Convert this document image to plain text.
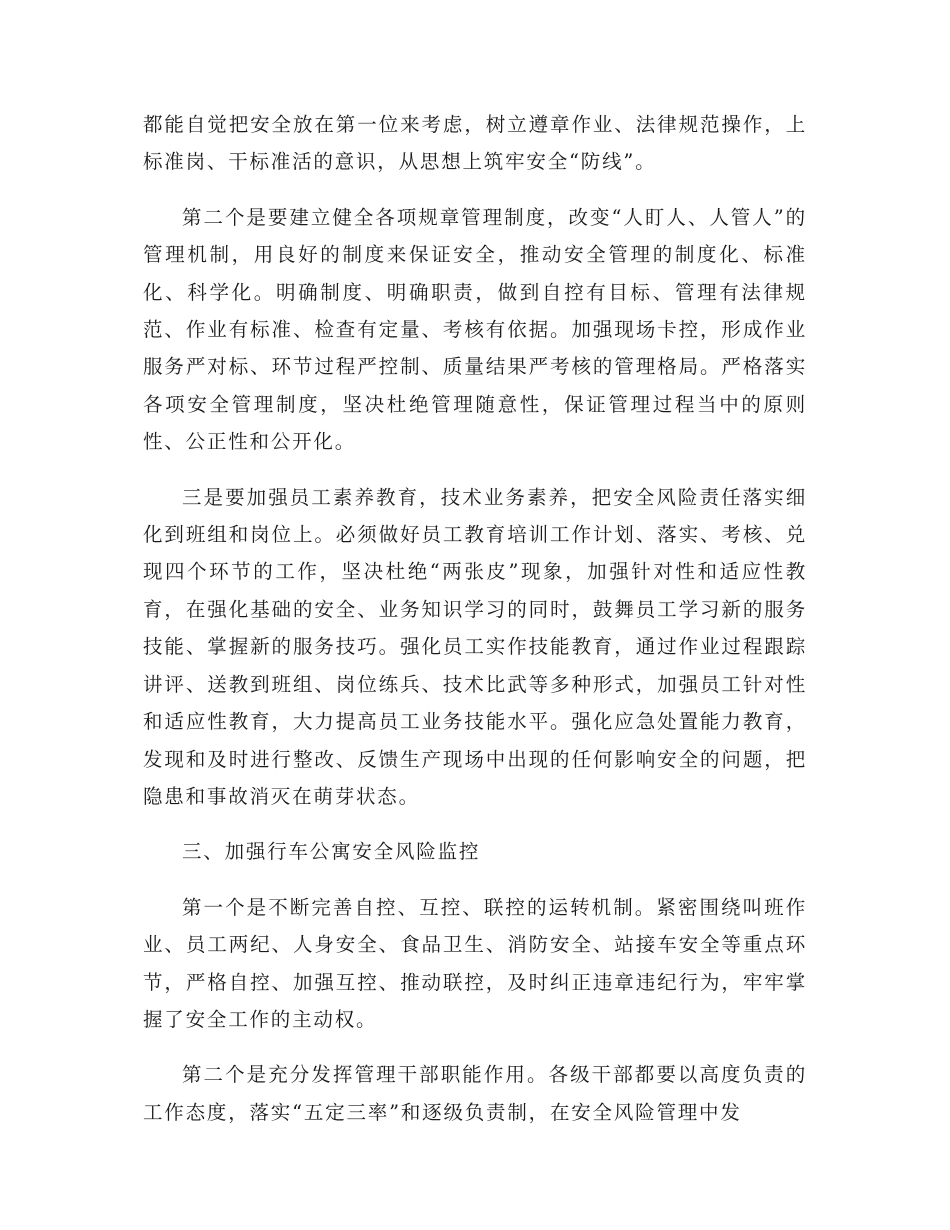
都能自觉把安全放在第一位来考虑，树立遵章作业、法律规范操作，上标准岗、干标准活的意识，从思想上筑牢安全“防线”。

第二个是要建立健全各项规章管理制度，改变“人盯人、人管人”的管理机制，用良好的制度来保证安全，推动安全管理的制度化、标准化、科学化。明确制度、明确职责，做到自控有目标、管理有法律规范、作业有标准、检查有定量、考核有依据。加强现场卡控，形成作业服务严对标、环节过程严控制、质量结果严考核的管理格局。严格落实各项安全管理制度，坚决杜绝管理随意性，保证管理过程当中的原则性、公正性和公开化。

三是要加强员工素养教育，技术业务素养，把安全风险责任落实细化到班组和岗位上。必须做好员工教育培训工作计划、落实、考核、兑现四个环节的工作，坚决杜绝“两张皮”现象，加强针对性和适应性教育，在强化基础的安全、业务知识学习的同时，鼓舞员工学习新的服务技能、掌握新的服务技巧。强化员工实作技能教育，通过作业过程跟踪讲评、送教到班组、岗位练兵、技术比武等多种形式，加强员工针对性和适应性教育，大力提高员工业务技能水平。强化应急处置能力教育，发现和及时进行整改、反馈生产现场中出现的任何影响安全的问题，把隐患和事故消灭在萌芽状态。

三、加强行车公寓安全风险监控

第一个是不断完善自控、互控、联控的运转机制。紧密围绕叫班作业、员工两纪、人身安全、食品卫生、消防安全、站接车安全等重点环节，严格自控、加强互控、推动联控，及时纠正违章违纪行为，牢牢掌握了安全工作的主动权。

第二个是充分发挥管理干部职能作用。各级干部都要以高度负责的工作态度，落实“五定三率”和逐级负责制，在安全风险管理中发
